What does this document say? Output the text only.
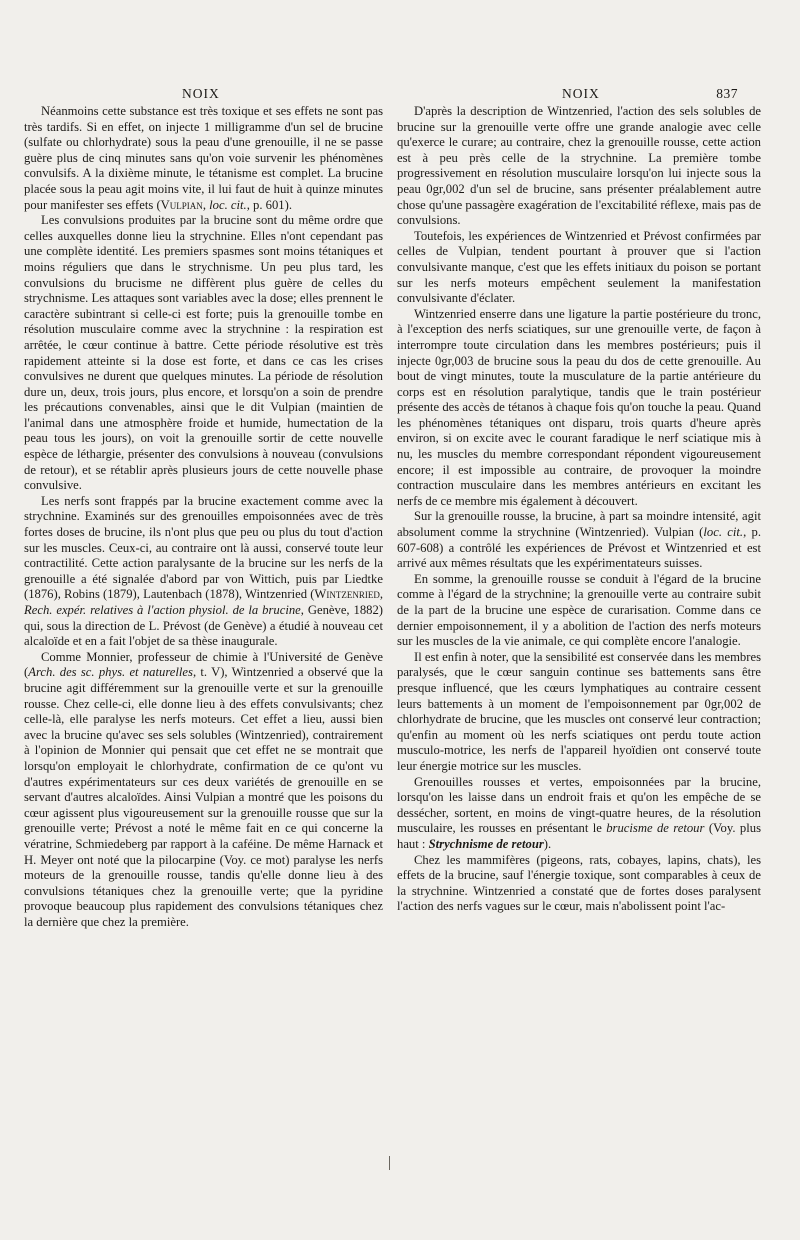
NOIX	NOIX	837

Néanmoins cette substance est très toxique et ses effets ne sont pas très tardifs. Si en effet, on injecte 1 milligramme d'un sel de brucine (sulfate ou chlorhydrate) sous la peau d'une grenouille, il ne se passe guère plus de cinq minutes sans qu'on voie survenir les phénomènes convulsifs. A la dixième minute, le tétanisme est complet. La brucine placée sous la peau agit moins vite, il lui faut de huit à quinze minutes pour manifester ses effets (Vulpian, loc. cit., p. 601).

Les convulsions produites par la brucine sont du même ordre que celles auxquelles donne lieu la strychnine. Elles n'ont cependant pas une complète identité. Les premiers spasmes sont moins tétaniques et moins réguliers que dans le strychnisme. Un peu plus tard, les convulsions du brucisme ne diffèrent plus guère de celles du strychnisme. Les attaques sont variables avec la dose; elles prennent le caractère subintrant si celle-ci est forte; puis la grenouille tombe en résolution musculaire comme avec la strychnine : la respiration est arrêtée, le cœur continue à battre. Cette période résolutive est très rapidement atteinte si la dose est forte, et dans ce cas les crises convulsives ne durent que quelques minutes. La période de résolution dure un, deux, trois jours, plus encore, et lorsqu'on a soin de prendre les précautions convenables, ainsi que le dit Vulpian (maintien de l'animal dans une atmosphère froide et humide, humectation de la peau tous les jours), on voit la grenouille sortir de cette nouvelle espèce de léthargie, présenter des convulsions à nouveau (convulsions de retour), et se rétablir après plusieurs jours de cette nouvelle phase convulsive.

Les nerfs sont frappés par la brucine exactement comme avec la strychnine. Examinés sur des grenouilles empoisonnées avec de très fortes doses de brucine, ils n'ont plus que peu ou plus du tout d'action sur les muscles. Ceux-ci, au contraire ont là aussi, conservé toute leur contractilité. Cette action paralysante de la brucine sur les nerfs de la grenouille a été signalée d'abord par von Wittich, puis par Liedtke (1876), Robins (1879), Lautenbach (1878), Wintzenried (Wintzenried, Rech. expér. relatives à l'action physiol. de la brucine, Genève, 1882) qui, sous la direction de L. Prévost (de Genève) a étudié à nouveau cet alcaloïde et en a fait l'objet de sa thèse inaugurale.

Comme Monnier, professeur de chimie à l'Université de Genève (Arch. des sc. phys. et naturelles, t. V), Wintzenried a observé que la brucine agit différemment sur la grenouille verte et sur la grenouille rousse. Chez celle-ci, elle donne lieu à des effets convulsivants; chez celle-là, elle paralyse les nerfs moteurs. Cet effet a lieu, aussi bien avec la brucine qu'avec ses sels solubles (Wintzenried), contrairement à l'opinion de Monnier qui pensait que cet effet ne se montrait que lorsqu'on employait le chlorhydrate, confirmation de ce qu'ont vu d'autres expérimentateurs sur ces deux variétés de grenouille en se servant d'autres alcaloïdes. Ainsi Vulpian a montré que les poisons du cœur agissent plus vigoureusement sur la grenouille rousse que sur la grenouille verte; Prévost a noté le même fait en ce qui concerne la vératrine, Schmiedeberg par rapport à la caféine. De même Harnack et H. Meyer ont noté que la pilocarpine (Voy. ce mot) paralyse les nerfs moteurs de la grenouille rousse, tandis qu'elle donne lieu à des convulsions tétaniques chez la grenouille verte; que la pyridine provoque beaucoup plus rapidement des convulsions tétaniques chez la dernière que chez la première.

D'après la description de Wintzenried, l'action des sels solubles de brucine sur la grenouille verte offre une grande analogie avec celle qu'exerce le curare; au contraire, chez la grenouille rousse, cette action est à peu près celle de la strychnine. La première tombe progressivement en résolution musculaire lorsqu'on lui injecte sous la peau 0gr,002 d'un sel de brucine, sans présenter préalablement autre chose qu'une passagère exagération de l'excitabilité réflexe, mais pas de convulsions.

Toutefois, les expériences de Wintzenried et Prévost confirmées par celles de Vulpian, tendent pourtant à prouver que si l'action convulsivante manque, c'est que les effets initiaux du poison se portant sur les nerfs moteurs empêchent seulement la manifestation convulsivante d'éclater.

Wintzenried enserre dans une ligature la partie postérieure du tronc, à l'exception des nerfs sciatiques, sur une grenouille verte, de façon à interrompre toute circulation dans les membres postérieurs; puis il injecte 0gr,003 de brucine sous la peau du dos de cette grenouille. Au bout de vingt minutes, toute la musculature de la partie antérieure du corps est en résolution paralytique, tandis que le train postérieur présente des accès de tétanos à chaque fois qu'on touche la peau. Quand les phénomènes tétaniques ont disparu, trois quarts d'heure après environ, si on excite avec le courant faradique le nerf sciatique mis à nu, les muscles du membre correspondant répondent vigoureusement encore; il est impossible au contraire, de provoquer la moindre contraction musculaire dans les membres antérieurs en excitant les nerfs de ce membre mis également à découvert.

Sur la grenouille rousse, la brucine, à part sa moindre intensité, agit absolument comme la strychnine (Wintzenried). Vulpian (loc. cit., p. 607-608) a contrôlé les expériences de Prévost et Wintzenried et est arrivé aux mêmes résultats que les expérimentateurs suisses.

En somme, la grenouille rousse se conduit à l'égard de la brucine comme à l'égard de la strychnine; la grenouille verte au contraire subit de la part de la brucine une espèce de curarisation. Comme dans ce dernier empoisonnement, il y a abolition de l'action des nerfs moteurs sur les muscles de la vie animale, ce qui complète encore l'analogie.

Il est enfin à noter, que la sensibilité est conservée dans les membres paralysés, que le cœur sanguin continue ses battements sans être presque influencé, que les cœurs lymphatiques au contraire cessent leurs battements à un moment de l'empoisonnement par 0gr,002 de chlorhydrate de brucine, que les muscles ont conservé leur contraction; qu'enfin au moment où les nerfs sciatiques ont perdu toute action musculo-motrice, les nerfs de l'appareil hyoïdien ont conservé toute leur énergie motrice sur les muscles.

Grenouilles rousses et vertes, empoisonnées par la brucine, lorsqu'on les laisse dans un endroit frais et qu'on les empêche de se dessécher, sortent, en moins de vingt-quatre heures, de la résolution musculaire, les rousses en présentant le brucisme de retour (Voy. plus haut : Strychnisme de retour).

Chez les mammifères (pigeons, rats, cobayes, lapins, chats), les effets de la brucine, sauf l'énergie toxique, sont comparables à ceux de la strychnine. Wintzenried a constaté que de fortes doses paralysent l'action des nerfs vagues sur le cœur, mais n'abolissent point l'ac-
